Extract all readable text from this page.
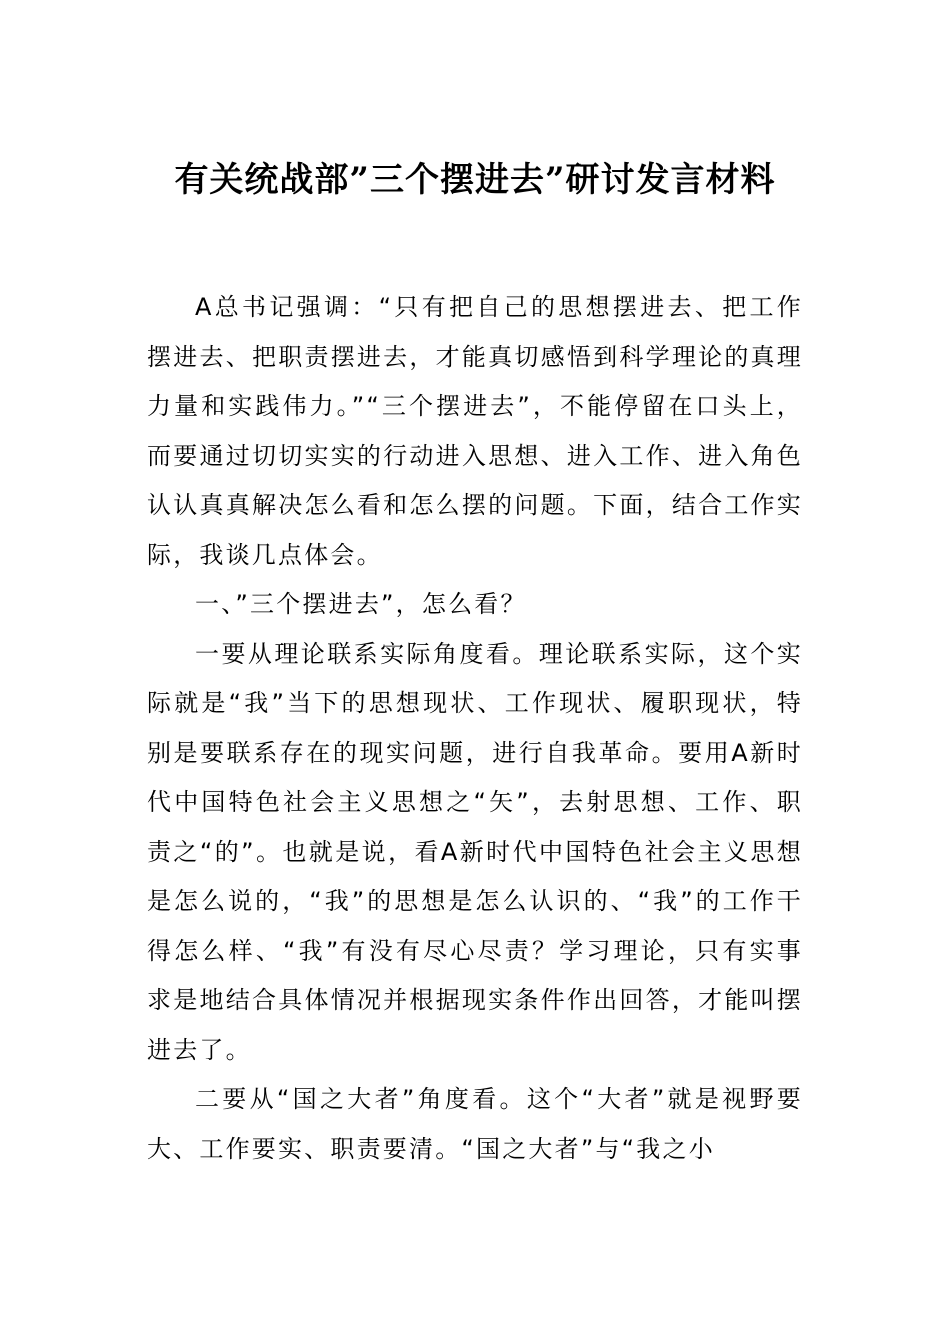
有关统战部”三个摆进去”研讨发言材料

A总书记强调：“只有把自己的思想摆进去、把工作摆进去、把职责摆进去，才能真切感悟到科学理论的真理力量和实践伟力。”“三个摆进去”，不能停留在口头上，而要通过切切实实的行动进入思想、进入工作、进入角色认认真真解决怎么看和怎么摆的问题。下面，结合工作实际，我谈几点体会。

一、”三个摆进去”，怎么看？

一要从理论联系实际角度看。理论联系实际，这个实际就是“我”当下的思想现状、工作现状、履职现状，特别是要联系存在的现实问题，进行自我革命。要用A新时代中国特色社会主义思想之“矢”，去射思想、工作、职责之“的”。也就是说，看A新时代中国特色社会主义思想是怎么说的，“我”的思想是怎么认识的、“我”的工作干得怎么样、“我”有没有尽心尽责？学习理论，只有实事求是地结合具体情况并根据现实条件作出回答，才能叫摆进去了。

二要从“国之大者”角度看。这个“大者”就是视野要大、工作要实、职责要清。“国之大者”与“我之小
